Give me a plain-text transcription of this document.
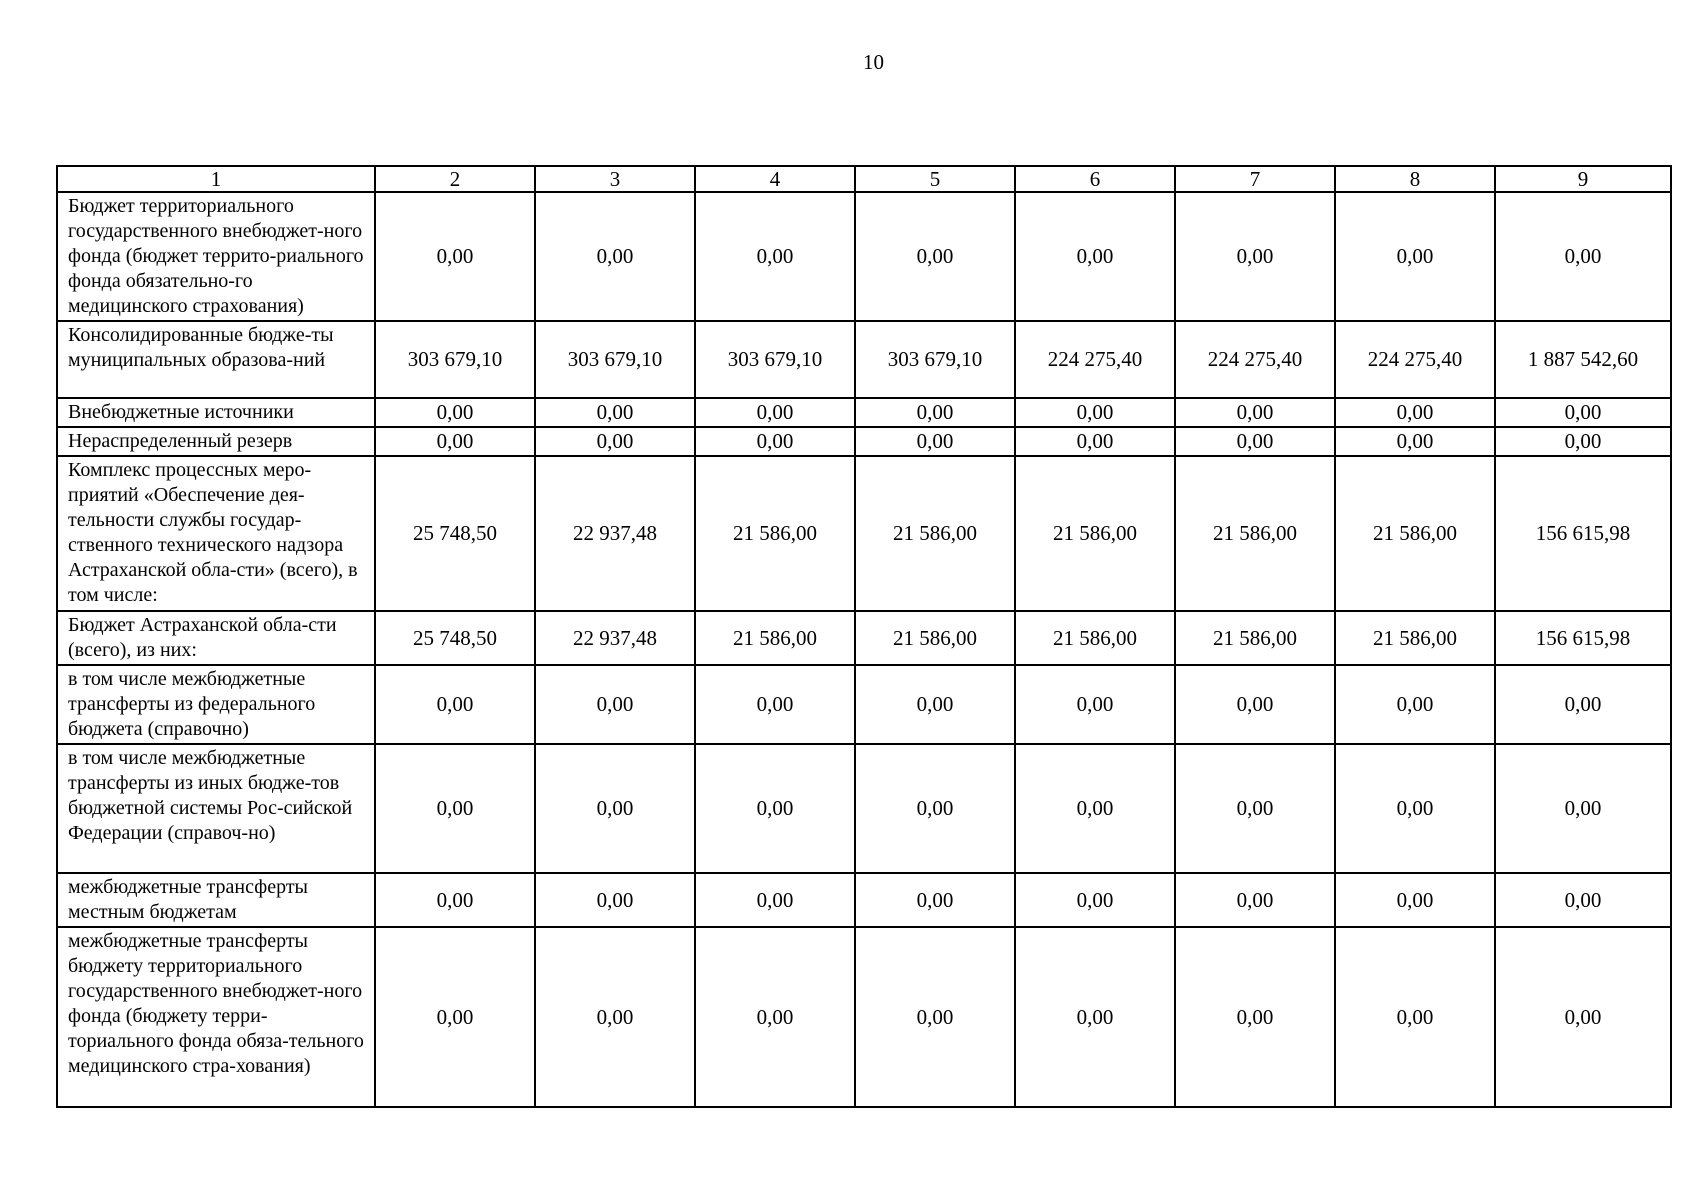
10
1	2	3	4	5	6	7	8	9
Бюджет территориального государственного внебюджет-ного фонда (бюджет террито-риального фонда обязательно-го медицинского страхования)	0,00	0,00	0,00	0,00	0,00	0,00	0,00	0,00
Консолидированные бюдже-ты муниципальных образова-ний	303 679,10	303 679,10	303 679,10	303 679,10	224 275,40	224 275,40	224 275,40	1 887 542,60
Внебюджетные источники	0,00	0,00	0,00	0,00	0,00	0,00	0,00	0,00
Нераспределенный резерв	0,00	0,00	0,00	0,00	0,00	0,00	0,00	0,00
Комплекс процессных меро-приятий «Обеспечение дея-тельности службы государ-ственного технического надзора Астраханской обла-сти» (всего), в том числе:	25 748,50	22 937,48	21 586,00	21 586,00	21 586,00	21 586,00	21 586,00	156 615,98
Бюджет Астраханской обла-сти (всего), из них:	25 748,50	22 937,48	21 586,00	21 586,00	21 586,00	21 586,00	21 586,00	156 615,98
в том числе межбюджетные трансферты из федерального бюджета (справочно)	0,00	0,00	0,00	0,00	0,00	0,00	0,00	0,00
в том числе межбюджетные трансферты из иных бюдже-тов бюджетной системы Рос-сийской Федерации (справоч-но)	0,00	0,00	0,00	0,00	0,00	0,00	0,00	0,00
межбюджетные трансферты местным бюджетам	0,00	0,00	0,00	0,00	0,00	0,00	0,00	0,00
межбюджетные трансферты бюджету территориального государственного внебюджет-ного фонда (бюджету терри-ториального фонда обяза-тельного медицинского стра-хования)	0,00	0,00	0,00	0,00	0,00	0,00	0,00	0,00
